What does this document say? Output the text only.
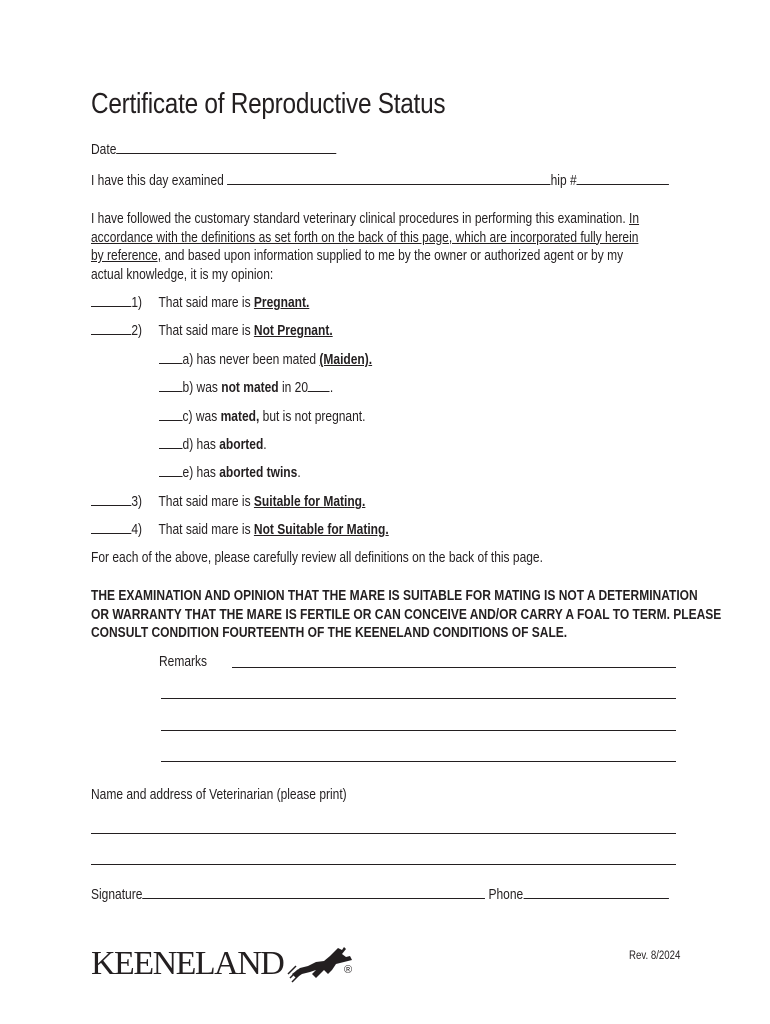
Certificate of Reproductive Status
Date
I have this day examined	hip #
I have followed the customary standard veterinary clinical procedures in performing this examination. In
accordance with the definitions as set forth on the back of this page, which are incorporated fully herein
by reference, and based upon information supplied to me by the owner or authorized agent or by my
actual knowledge, it is my opinion:
1) That said mare is Pregnant.
2) That said mare is Not Pregnant.
a) has never been mated (Maiden).
b) was not mated in 20 .
c) was mated, but is not pregnant.
d) has aborted.
e) has aborted twins.
3) That said mare is Suitable for Mating.
4) That said mare is Not Suitable for Mating.
For each of the above, please carefully review all definitions on the back of this page.
THE EXAMINATION AND OPINION THAT THE MARE IS SUITABLE FOR MATING IS NOT A DETERMINATION
OR WARRANTY THAT THE MARE IS FERTILE OR CAN CONCEIVE AND/OR CARRY A FOAL TO TERM. PLEASE
CONSULT CONDITION FOURTEENTH OF THE KEENELAND CONDITIONS OF SALE.
Remarks
Name and address of Veterinarian (please print)
Signature	Phone
KEENELAND	®
Rev. 8/2024
